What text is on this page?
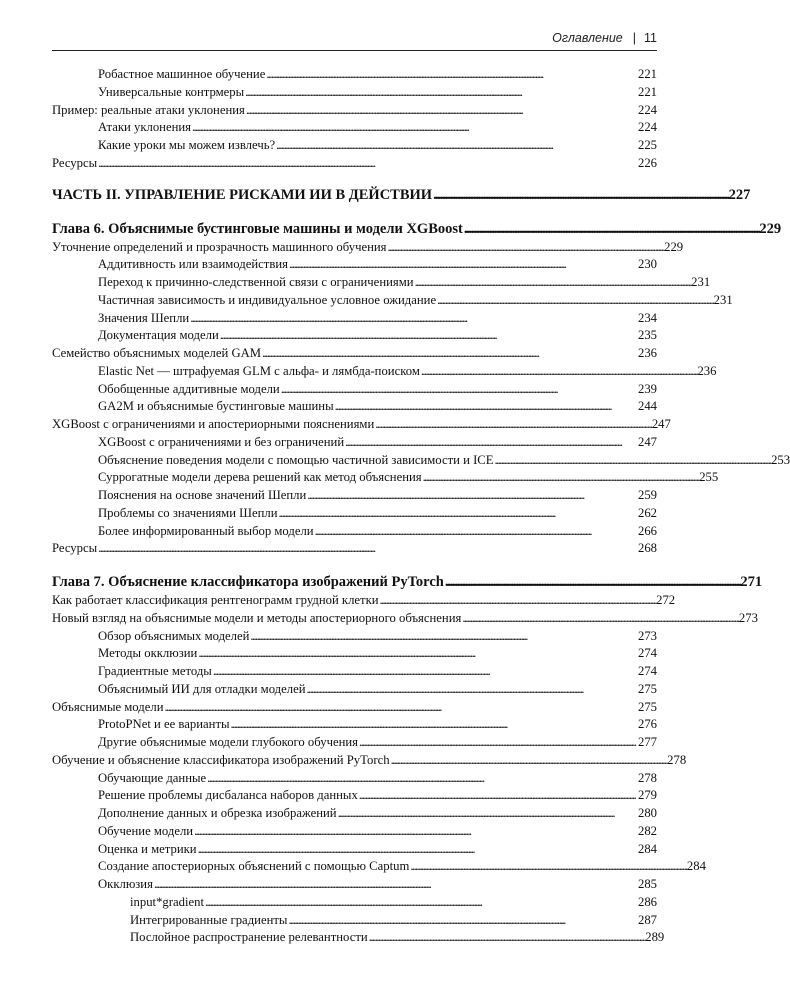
Оглавление | 11
Робастное машинное обучение . . .	221
Универсальные контрмеры . . .	221
Пример: реальные атаки уклонения . . .	224
Атаки уклонения . . .	224
Какие уроки мы можем извлечь? . . .	225
Ресурсы . . .	226
ЧАСТЬ II. УПРАВЛЕНИЕ РИСКАМИ ИИ В ДЕЙСТВИИ . . .	227
Глава 6. Объяснимые бустинговые машины и модели XGBoost . . .	229
Уточнение определений и прозрачность машинного обучения . . .	229
Аддитивность или взаимодействия . . .	230
Переход к причинно-следственной связи с ограничениями . . .	231
Частичная зависимость и индивидуальное условное ожидание . . .	231
Значения Шепли . . .	234
Документация модели . . .	235
Семейство объяснимых моделей GAM . . .	236
Elastic Net — штрафуемая GLM с альфа- и лямбда-поиском . . .	236
Обобщенные аддитивные модели . . .	239
GA2M и объяснимые бустинговые машины . . .	244
XGBoost с ограничениями и апостериорными пояснениями . . .	247
XGBoost с ограничениями и без ограничений . . .	247
Объяснение поведения модели с помощью частичной зависимости и ICE . . .	253
Суррогатные модели дерева решений как метод объяснения . . .	255
Пояснения на основе значений Шепли . . .	259
Проблемы со значениями Шепли . . .	262
Более информированный выбор модели . . .	266
Ресурсы . . .	268
Глава 7. Объяснение классификатора изображений PyTorch . . .	271
Как работает классификация рентгенограмм грудной клетки . . .	272
Новый взгляд на объяснимые модели и методы апостериорного объяснения . . .	273
Обзор объяснимых моделей . . .	273
Методы окклюзии . . .	274
Градиентные методы . . .	274
Объяснимый ИИ для отладки моделей . . .	275
Объяснимые модели . . .	275
ProtoPNet и ее варианты . . .	276
Другие объяснимые модели глубокого обучения . . .	277
Обучение и объяснение классификатора изображений PyTorch . . .	278
Обучающие данные . . .	278
Решение проблемы дисбаланса наборов данных . . .	279
Дополнение данных и обрезка изображений . . .	280
Обучение модели . . .	282
Оценка и метрики . . .	284
Создание апостериорных объяснений с помощью Captum . . .	284
Окклюзия . . .	285
input*gradient . . .	286
Интегрированные градиенты . . .	287
Послойное распространение релевантности . . .	289
